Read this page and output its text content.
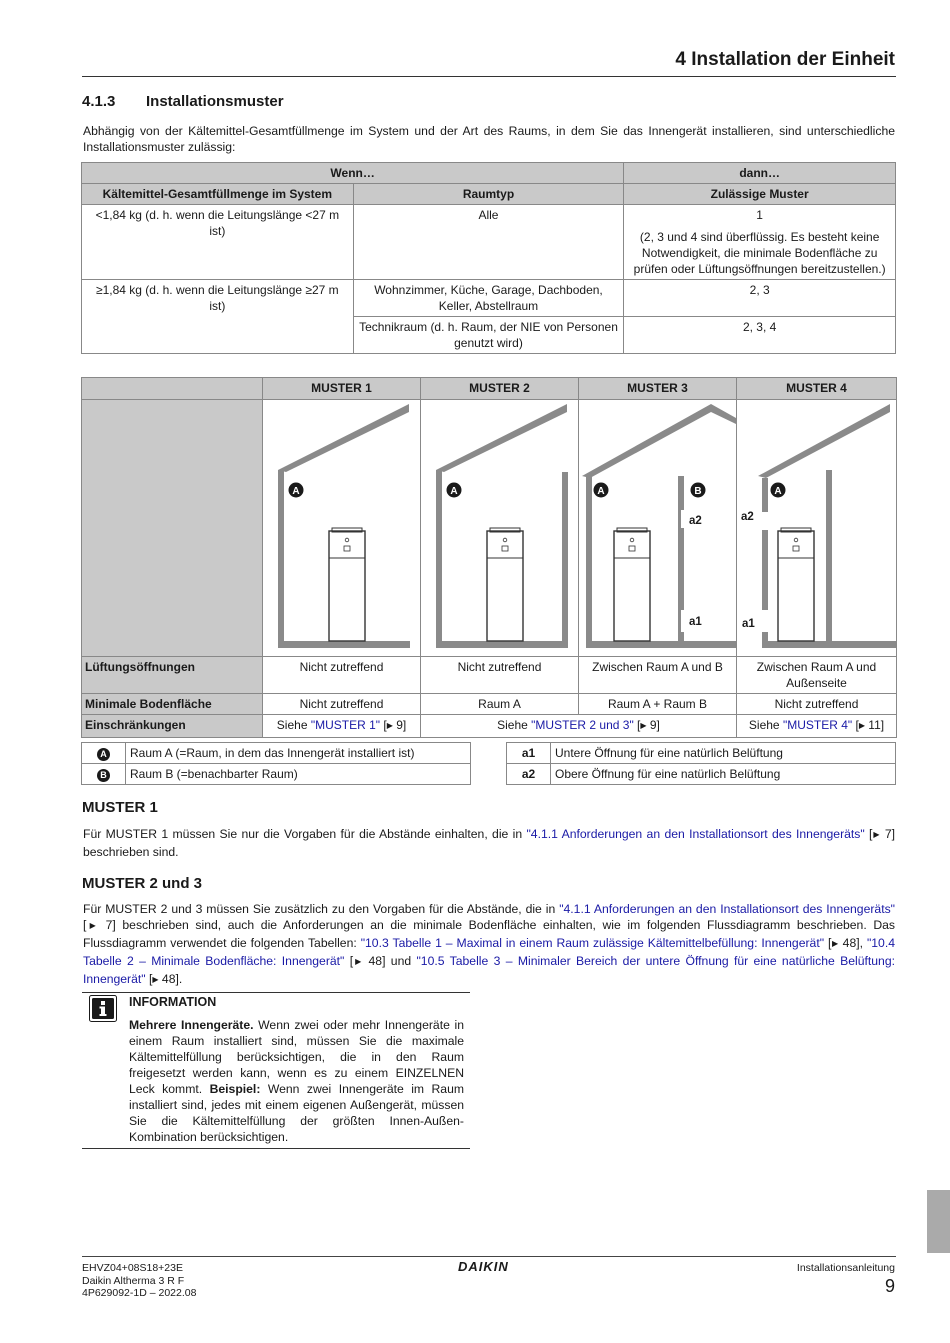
4 Installation der Einheit
4.1.3 Installationsmuster
Abhängig von der Kältemittel-Gesamtfüllmenge im System und der Art des Raums, in dem Sie das Innengerät installieren, sind unterschiedliche Installationsmuster zulässig:
Wenn…		dann…
Kältemittel-Gesamtfüllmenge im System	Raumtyp	Zulässige Muster
<1,84 kg (d. h. wenn die Leitungslänge <27 m ist)	Alle	1

(2, 3 und 4 sind überflüssig. Es besteht keine Notwendigkeit, die minimale Bodenfläche zu prüfen oder Lüftungsöffnungen bereitzustellen.)

≥1,84 kg (d. h. wenn die Leitungslänge ≥27 m ist)	Wohnzimmer, Küche, Garage, Dachboden, Keller, Abstellraum	2, 3
	Technikraum (d. h. Raum, der NIE von Personen genutzt wird)	2, 3, 4
	MUSTER 1	MUSTER 2	MUSTER 3	MUSTER 4

A	A	A B
a2
a1	A
a2
a1

Lüftungsöffnungen	Nicht zutreffend	Nicht zutreffend	Zwischen Raum A und B	Zwischen Raum A und Außenseite
Minimale Bodenfläche	Nicht zutreffend	Raum A	Raum A + Raum B	Nicht zutreffend
Einschränkungen	Siehe "MUSTER 1" [▶ 9]	Siehe "MUSTER 2 und 3" [▶ 9]		Siehe "MUSTER 4" [▶ 11]
A	Raum A (=Raum, in dem das Innengerät installiert ist)
B	Raum B (=benachbarter Raum)
a1	Untere Öffnung für eine natürlich Belüftung
a2	Obere Öffnung für eine natürlich Belüftung
MUSTER 1
Für MUSTER 1 müssen Sie nur die Vorgaben für die Abstände einhalten, die in "4.1.1 Anforderungen an den Installationsort des Innengeräts" [▶ 7] beschrieben sind.
MUSTER 2 und 3
Für MUSTER 2 und 3 müssen Sie zusätzlich zu den Vorgaben für die Abstände, die in "4.1.1 Anforderungen an den Installationsort des Innengeräts" [▶ 7] beschrieben sind, auch die Anforderungen an die minimale Bodenfläche einhalten, wie im folgenden Flussdiagramm beschrieben. Das Flussdiagramm verwendet die folgenden Tabellen: "10.3 Tabelle 1 – Maximal in einem Raum zulässige Kältemittelbefüllung: Innengerät" [▶ 48], "10.4 Tabelle 2 – Minimale Bodenfläche: Innengerät" [▶ 48] und "10.5 Tabelle 3 – Minimaler Bereich der untere Öffnung für eine natürliche Belüftung: Innengerät" [▶ 48].
INFORMATION
Mehrere Innengeräte. Wenn zwei oder mehr Innengeräte in einem Raum installiert sind, müssen Sie die maximale Kältemittelfüllung berücksichtigen, die in den Raum freigesetzt werden kann, wenn es zu einem EINZELNEN Leck kommt. Beispiel: Wenn zwei Innengeräte im Raum installiert sind, jedes mit einem eigenen Außengerät, müssen Sie die Kältemittelfüllung der größten Innen-Außen-Kombination berücksichtigen.
EHVZ04+08S18+23E
Daikin Altherma 3 R F
4P629092-1D – 2022.08
DAIKIN	Installationsanleitung
9
